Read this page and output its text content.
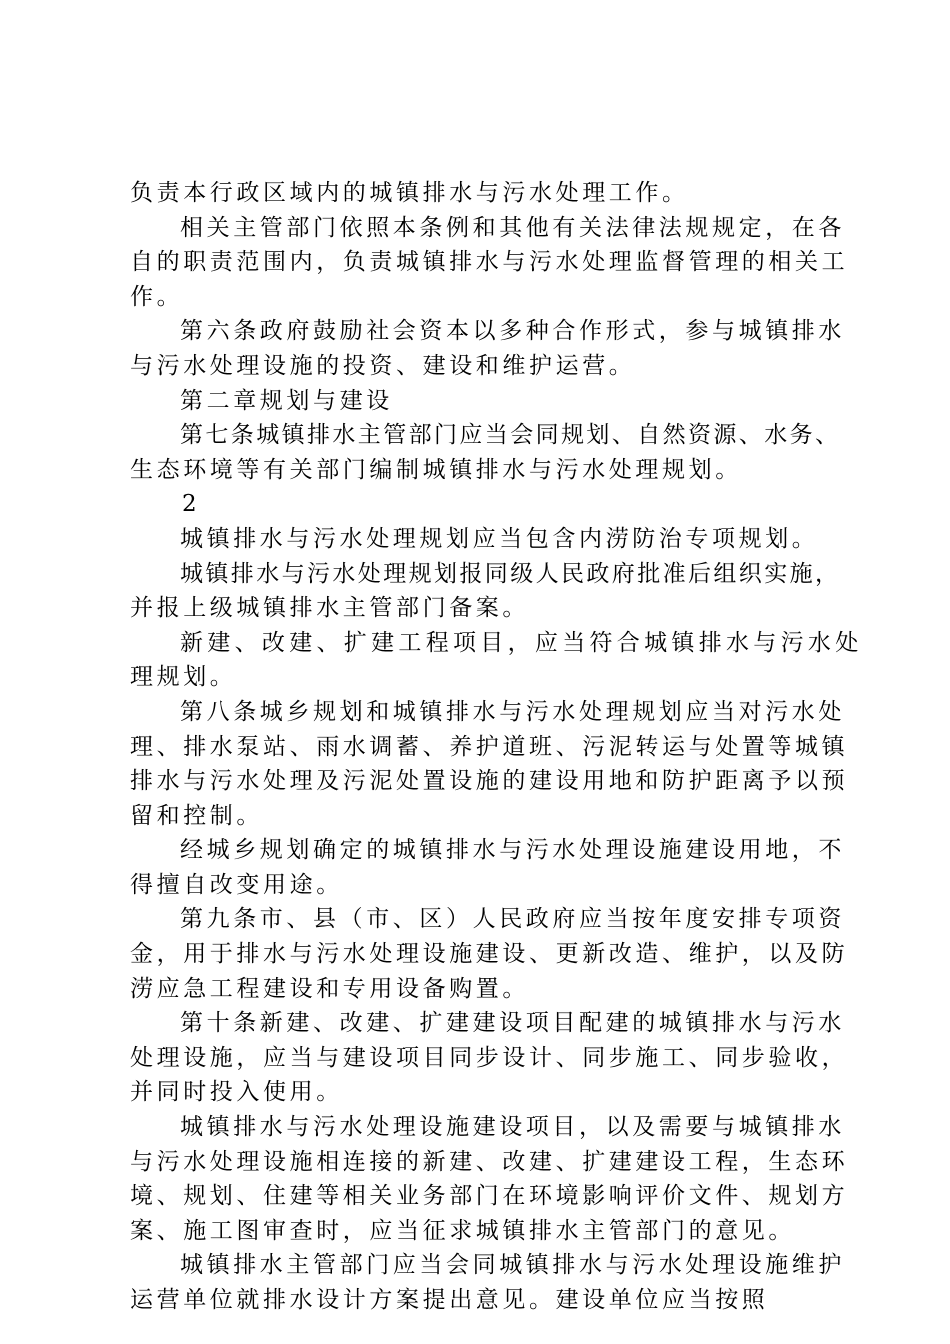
负责本行政区域内的城镇排水与污水处理工作。
相关主管部门依照本条例和其他有关法律法规规定，在各
自的职责范围内，负责城镇排水与污水处理监督管理的相关工
作。
第六条政府鼓励社会资本以多种合作形式，参与城镇排水
与污水处理设施的投资、建设和维护运营。
第二章规划与建设
第七条城镇排水主管部门应当会同规划、自然资源、水务、
生态环境等有关部门编制城镇排水与污水处理规划。
2
城镇排水与污水处理规划应当包含内涝防治专项规划。
城镇排水与污水处理规划报同级人民政府批准后组织实施，
并报上级城镇排水主管部门备案。
新建、改建、扩建工程项目，应当符合城镇排水与污水处
理规划。
第八条城乡规划和城镇排水与污水处理规划应当对污水处
理、排水泵站、雨水调蓄、养护道班、污泥转运与处置等城镇
排水与污水处理及污泥处置设施的建设用地和防护距离予以预
留和控制。
经城乡规划确定的城镇排水与污水处理设施建设用地，不
得擅自改变用途。
第九条市、县（市、区）人民政府应当按年度安排专项资
金，用于排水与污水处理设施建设、更新改造、维护，以及防
涝应急工程建设和专用设备购置。
第十条新建、改建、扩建建设项目配建的城镇排水与污水
处理设施，应当与建设项目同步设计、同步施工、同步验收，
并同时投入使用。
城镇排水与污水处理设施建设项目，以及需要与城镇排水
与污水处理设施相连接的新建、改建、扩建建设工程，生态环
境、规划、住建等相关业务部门在环境影响评价文件、规划方
案、施工图审查时，应当征求城镇排水主管部门的意见。
城镇排水主管部门应当会同城镇排水与污水处理设施维护
运营单位就排水设计方案提出意见。建设单位应当按照
